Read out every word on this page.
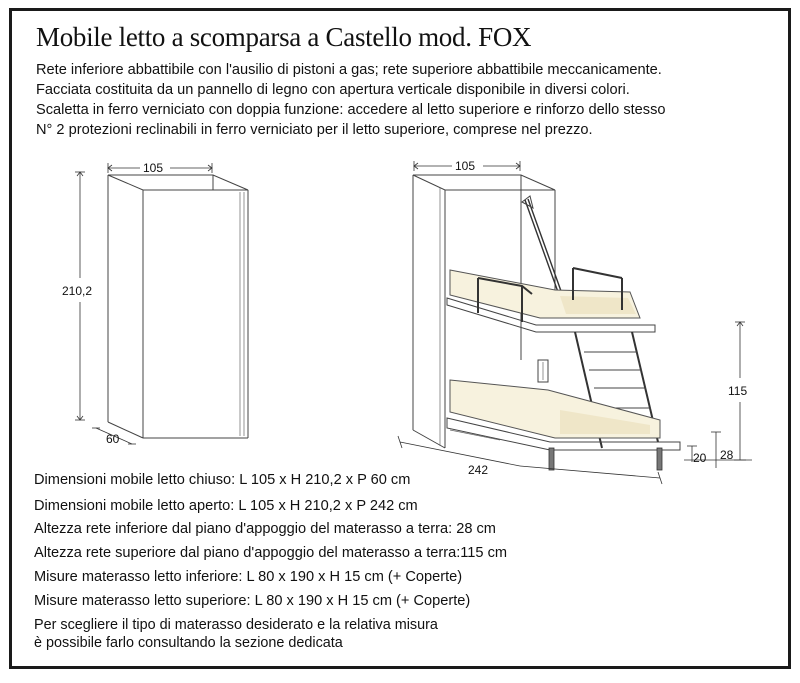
Mobile letto a scomparsa a Castello mod. FOX
Rete inferiore abbattibile con l'ausilio di pistoni a gas; rete superiore abbattibile meccanicamente.
Facciata costituita da un pannello di legno con apertura verticale disponibile in diversi colori.
Scaletta in ferro verniciato con doppia funzione: accedere al letto superiore e rinforzo dello stesso
N° 2 protezioni reclinabili in ferro verniciato per il letto superiore, comprese nel prezzo.
105
210,2
60
105
115
20 28
242
Dimensioni mobile letto chiuso: L 105 x H 210,2 x P 60 cm
Dimensioni mobile letto aperto: L 105 x H 210,2 x P 242 cm
Altezza rete inferiore dal piano d'appoggio del materasso a terra: 28 cm
Altezza rete superiore dal piano d'appoggio del materasso a terra:115 cm
Misure materasso letto inferiore: L 80 x 190 x H 15 cm (+ Coperte)
Misure materasso letto superiore: L 80 x 190 x H 15 cm (+ Coperte)
Per scegliere il tipo di materasso desiderato e la relativa misura
è possibile farlo consultando la sezione dedicata
